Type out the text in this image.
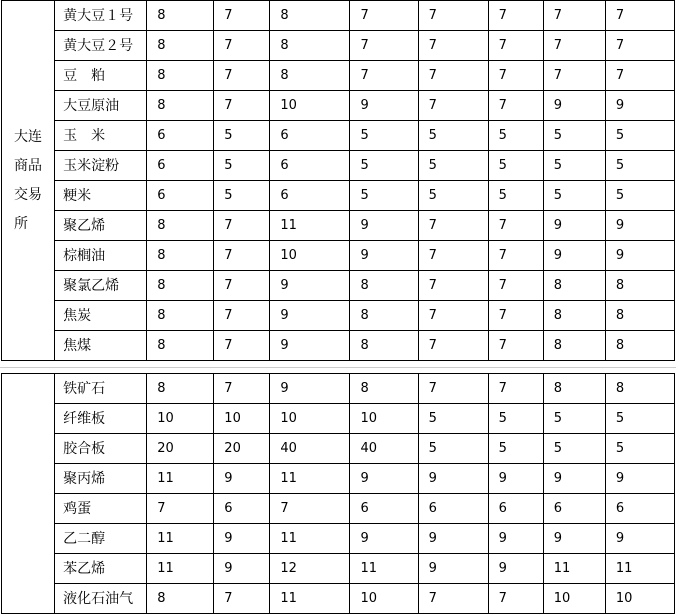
大连商品交易所	黄大豆１号	8	7	8	7	7	7	7	7
	黄大豆２号	8	7	8	7	7	7	7	7
	豆　粕	8	7	8	7	7	7	7	7
	大豆原油	8	7	10	9	7	7	9	9
	玉　米	6	5	6	5	5	5	5	5
	玉米淀粉	6	5	6	5	5	5	5	5
	粳米	6	5	6	5	5	5	5	5
	聚乙烯	8	7	11	9	7	7	9	9
	棕榈油	8	7	10	9	7	7	9	9
	聚氯乙烯	8	7	9	8	7	7	8	8
	焦炭	8	7	9	8	7	7	8	8
	焦煤	8	7	9	8	7	7	8	8
	铁矿石	8	7	9	8	7	7	8	8
	纤维板	10	10	10	10	5	5	5	5
	胶合板	20	20	40	40	5	5	5	5
	聚丙烯	11	9	11	9	9	9	9	9
	鸡蛋	7	6	7	6	6	6	6	6
	乙二醇	11	9	11	9	9	9	9	9
	苯乙烯	11	9	12	11	9	9	11	11
	液化石油气	8	7	11	10	7	7	10	10
